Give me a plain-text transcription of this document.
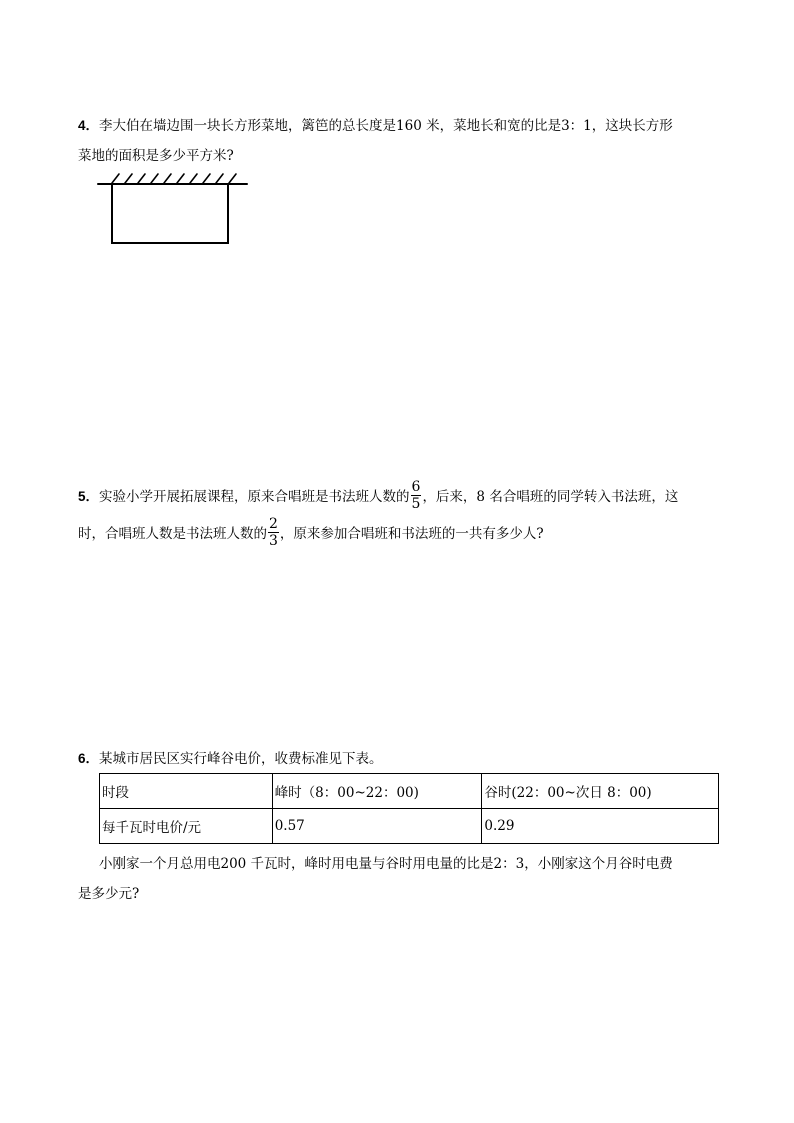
4．李大伯在墙边围一块长方形菜地，篱笆的总长度是160 米，菜地长和宽的比是3：1，这块长方形
菜地的面积是多少平方米?
5．实验小学开展拓展课程，原来合唱班是书法班人数的 $\frac{6}{5}$ ，后来，8 名合唱班的同学转入书法班，这
时，合唱班人数是书法班人数的 $\frac{2}{3}$ ，原来参加合唱班和书法班的一共有多少人?
6．某城市居民区实行峰谷电价，收费标准见下表。
时段	峰时（8：00~22：00)	谷时(22：00~次日 8：00)
每千瓦时电价/元	0.57	0.29
小刚家一个月总用电200 千瓦时，峰时用电量与谷时用电量的比是2：3，小刚家这个月谷时电费
是多少元?
